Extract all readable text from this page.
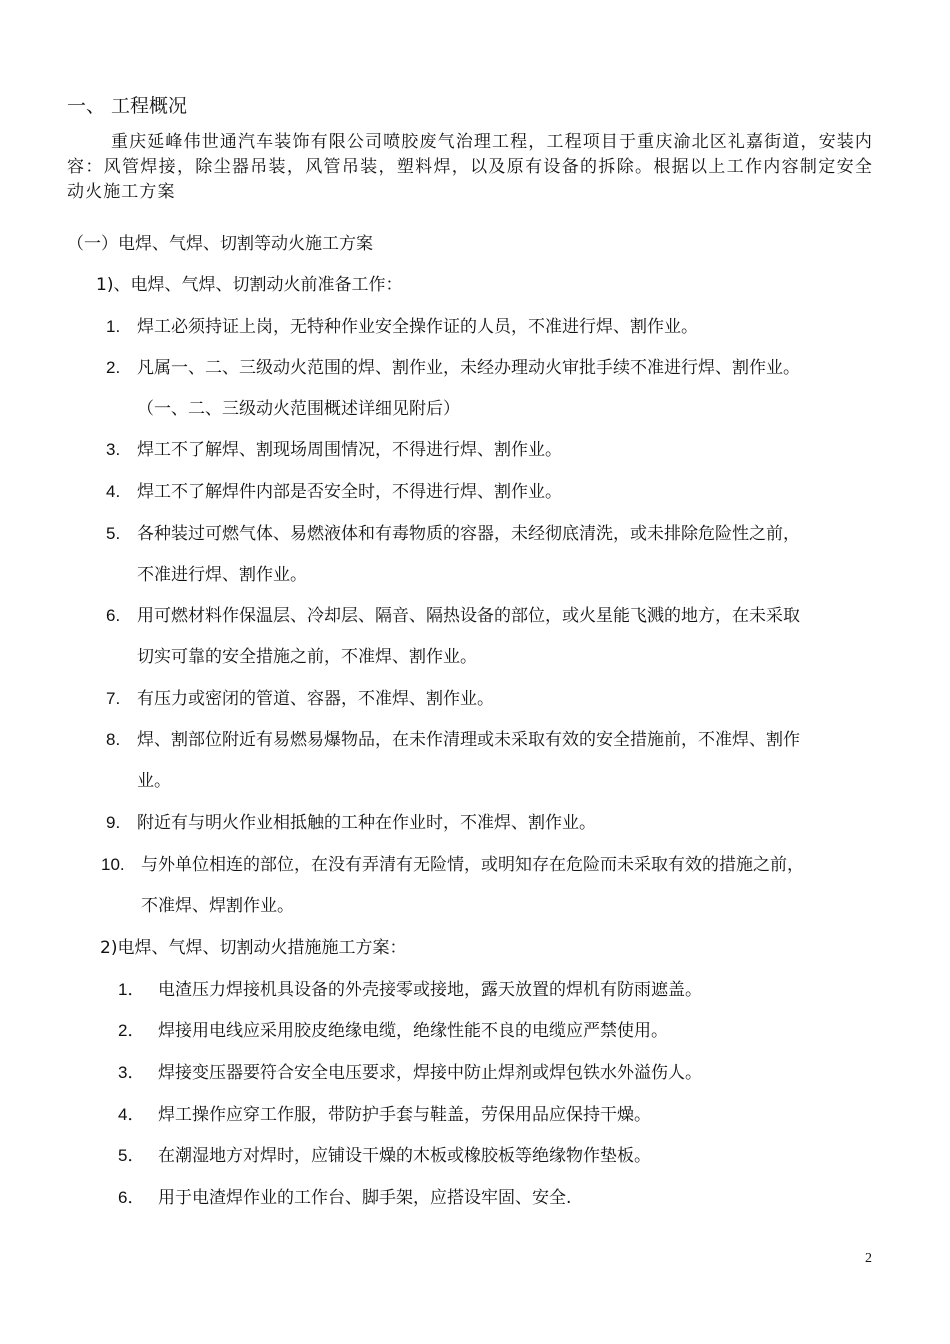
一、 工程概况
重庆延峰伟世通汽车装饰有限公司喷胶废气治理工程，工程项目于重庆渝北区礼嘉街道，安装内容：风管焊接，除尘器吊装，风管吊装，塑料焊，以及原有设备的拆除。根据以上工作内容制定安全动火施工方案
（一）电焊、气焊、切割等动火施工方案
1)、电焊、气焊、切割动火前准备工作：
1. 焊工必须持证上岗，无特种作业安全操作证的人员，不准进行焊、割作业。
2. 凡属一、二、三级动火范围的焊、割作业，未经办理动火审批手续不准进行焊、割作业。
（一、二、三级动火范围概述详细见附后）
3. 焊工不了解焊、割现场周围情况，不得进行焊、割作业。
4. 焊工不了解焊件内部是否安全时，不得进行焊、割作业。
5. 各种装过可燃气体、易燃液体和有毒物质的容器，未经彻底清洗，或未排除危险性之前，
不准进行焊、割作业。
6. 用可燃材料作保温层、冷却层、隔音、隔热设备的部位，或火星能飞溅的地方，在未采取
切实可靠的安全措施之前，不准焊、割作业。
7. 有压力或密闭的管道、容器，不准焊、割作业。
8. 焊、割部位附近有易燃易爆物品，在未作清理或未采取有效的安全措施前，不准焊、割作
业。
9. 附近有与明火作业相抵触的工种在作业时，不准焊、割作业。
10. 与外单位相连的部位，在没有弄清有无险情，或明知存在危险而未采取有效的措施之前，
不准焊、焊割作业。
2)电焊、气焊、切割动火措施施工方案：
1． 电渣压力焊接机具设备的外壳接零或接地，露天放置的焊机有防雨遮盖。
2． 焊接用电线应采用胶皮绝缘电缆，绝缘性能不良的电缆应严禁使用。
3． 焊接变压器要符合安全电压要求，焊接中防止焊剂或焊包铁水外溢伤人。
4． 焊工操作应穿工作服，带防护手套与鞋盖，劳保用品应保持干燥。
5． 在潮湿地方对焊时，应铺设干燥的木板或橡胶板等绝缘物作垫板。
6． 用于电渣焊作业的工作台、脚手架，应搭设牢固、安全.
2
